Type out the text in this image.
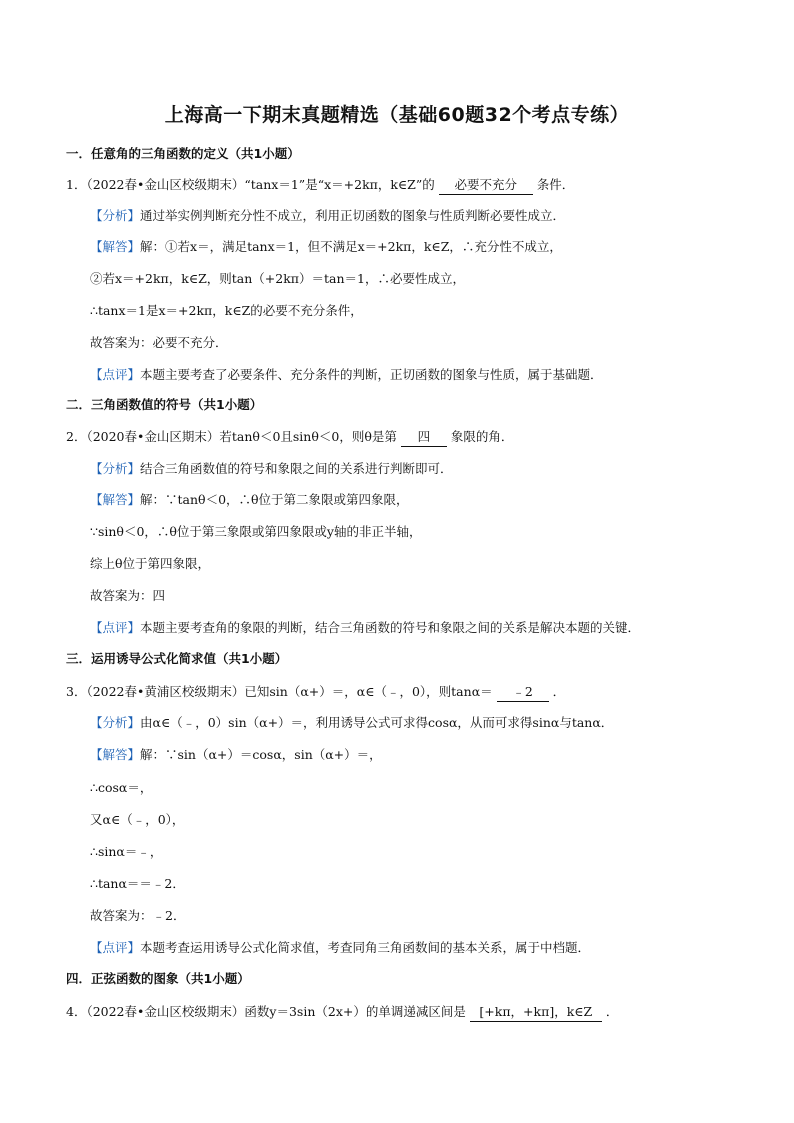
上海高一下期末真题精选（基础60题32个考点专练）
一．任意角的三角函数的定义（共1小题）
1．（2022春•金山区校级期末）“tanx＝1”是“x＝+2kπ，k∈Z”的 必要不充分 条件．
【分析】通过举实例判断充分性不成立，利用正切函数的图象与性质判断必要性成立．
【解答】解：①若x＝，满足tanx＝1，但不满足x＝+2kπ，k∈Z，∴充分性不成立，
②若x＝+2kπ，k∈Z，则tan（+2kπ）＝tan＝1，∴必要性成立，
∴tanx＝1是x＝+2kπ，k∈Z的必要不充分条件，
故答案为：必要不充分．
【点评】本题主要考查了必要条件、充分条件的判断，正切函数的图象与性质，属于基础题．
二．三角函数值的符号（共1小题）
2．（2020春•金山区期末）若tanθ＜0且sinθ＜0，则θ是第 四 象限的角．
【分析】结合三角函数值的符号和象限之间的关系进行判断即可．
【解答】解：∵tanθ＜0，∴θ位于第二象限或第四象限，
∵sinθ＜0，∴θ位于第三象限或第四象限或y轴的非正半轴，
综上θ位于第四象限，
故答案为：四
【点评】本题主要考查角的象限的判断，结合三角函数的符号和象限之间的关系是解决本题的关键．
三．运用诱导公式化简求值（共1小题）
3．（2022春•黄浦区校级期末）已知sin（α+）＝，α∈（﹣，0），则tanα＝ ﹣2 ．
【分析】由α∈（﹣，0）sin（α+）＝，利用诱导公式可求得cosα，从而可求得sinα与tanα．
【解答】解：∵sin（α+）＝cosα，sin（α+）＝，
∴cosα＝，
又α∈（﹣，0），
∴sinα＝﹣，
∴tanα＝＝﹣2．
故答案为：﹣2．
【点评】本题考查运用诱导公式化简求值，考查同角三角函数间的基本关系，属于中档题．
四．正弦函数的图象（共1小题）
4．（2022春•金山区校级期末）函数y＝3sin（2x+）的单调递减区间是 [+kπ，+kπ]，k∈Z ．
